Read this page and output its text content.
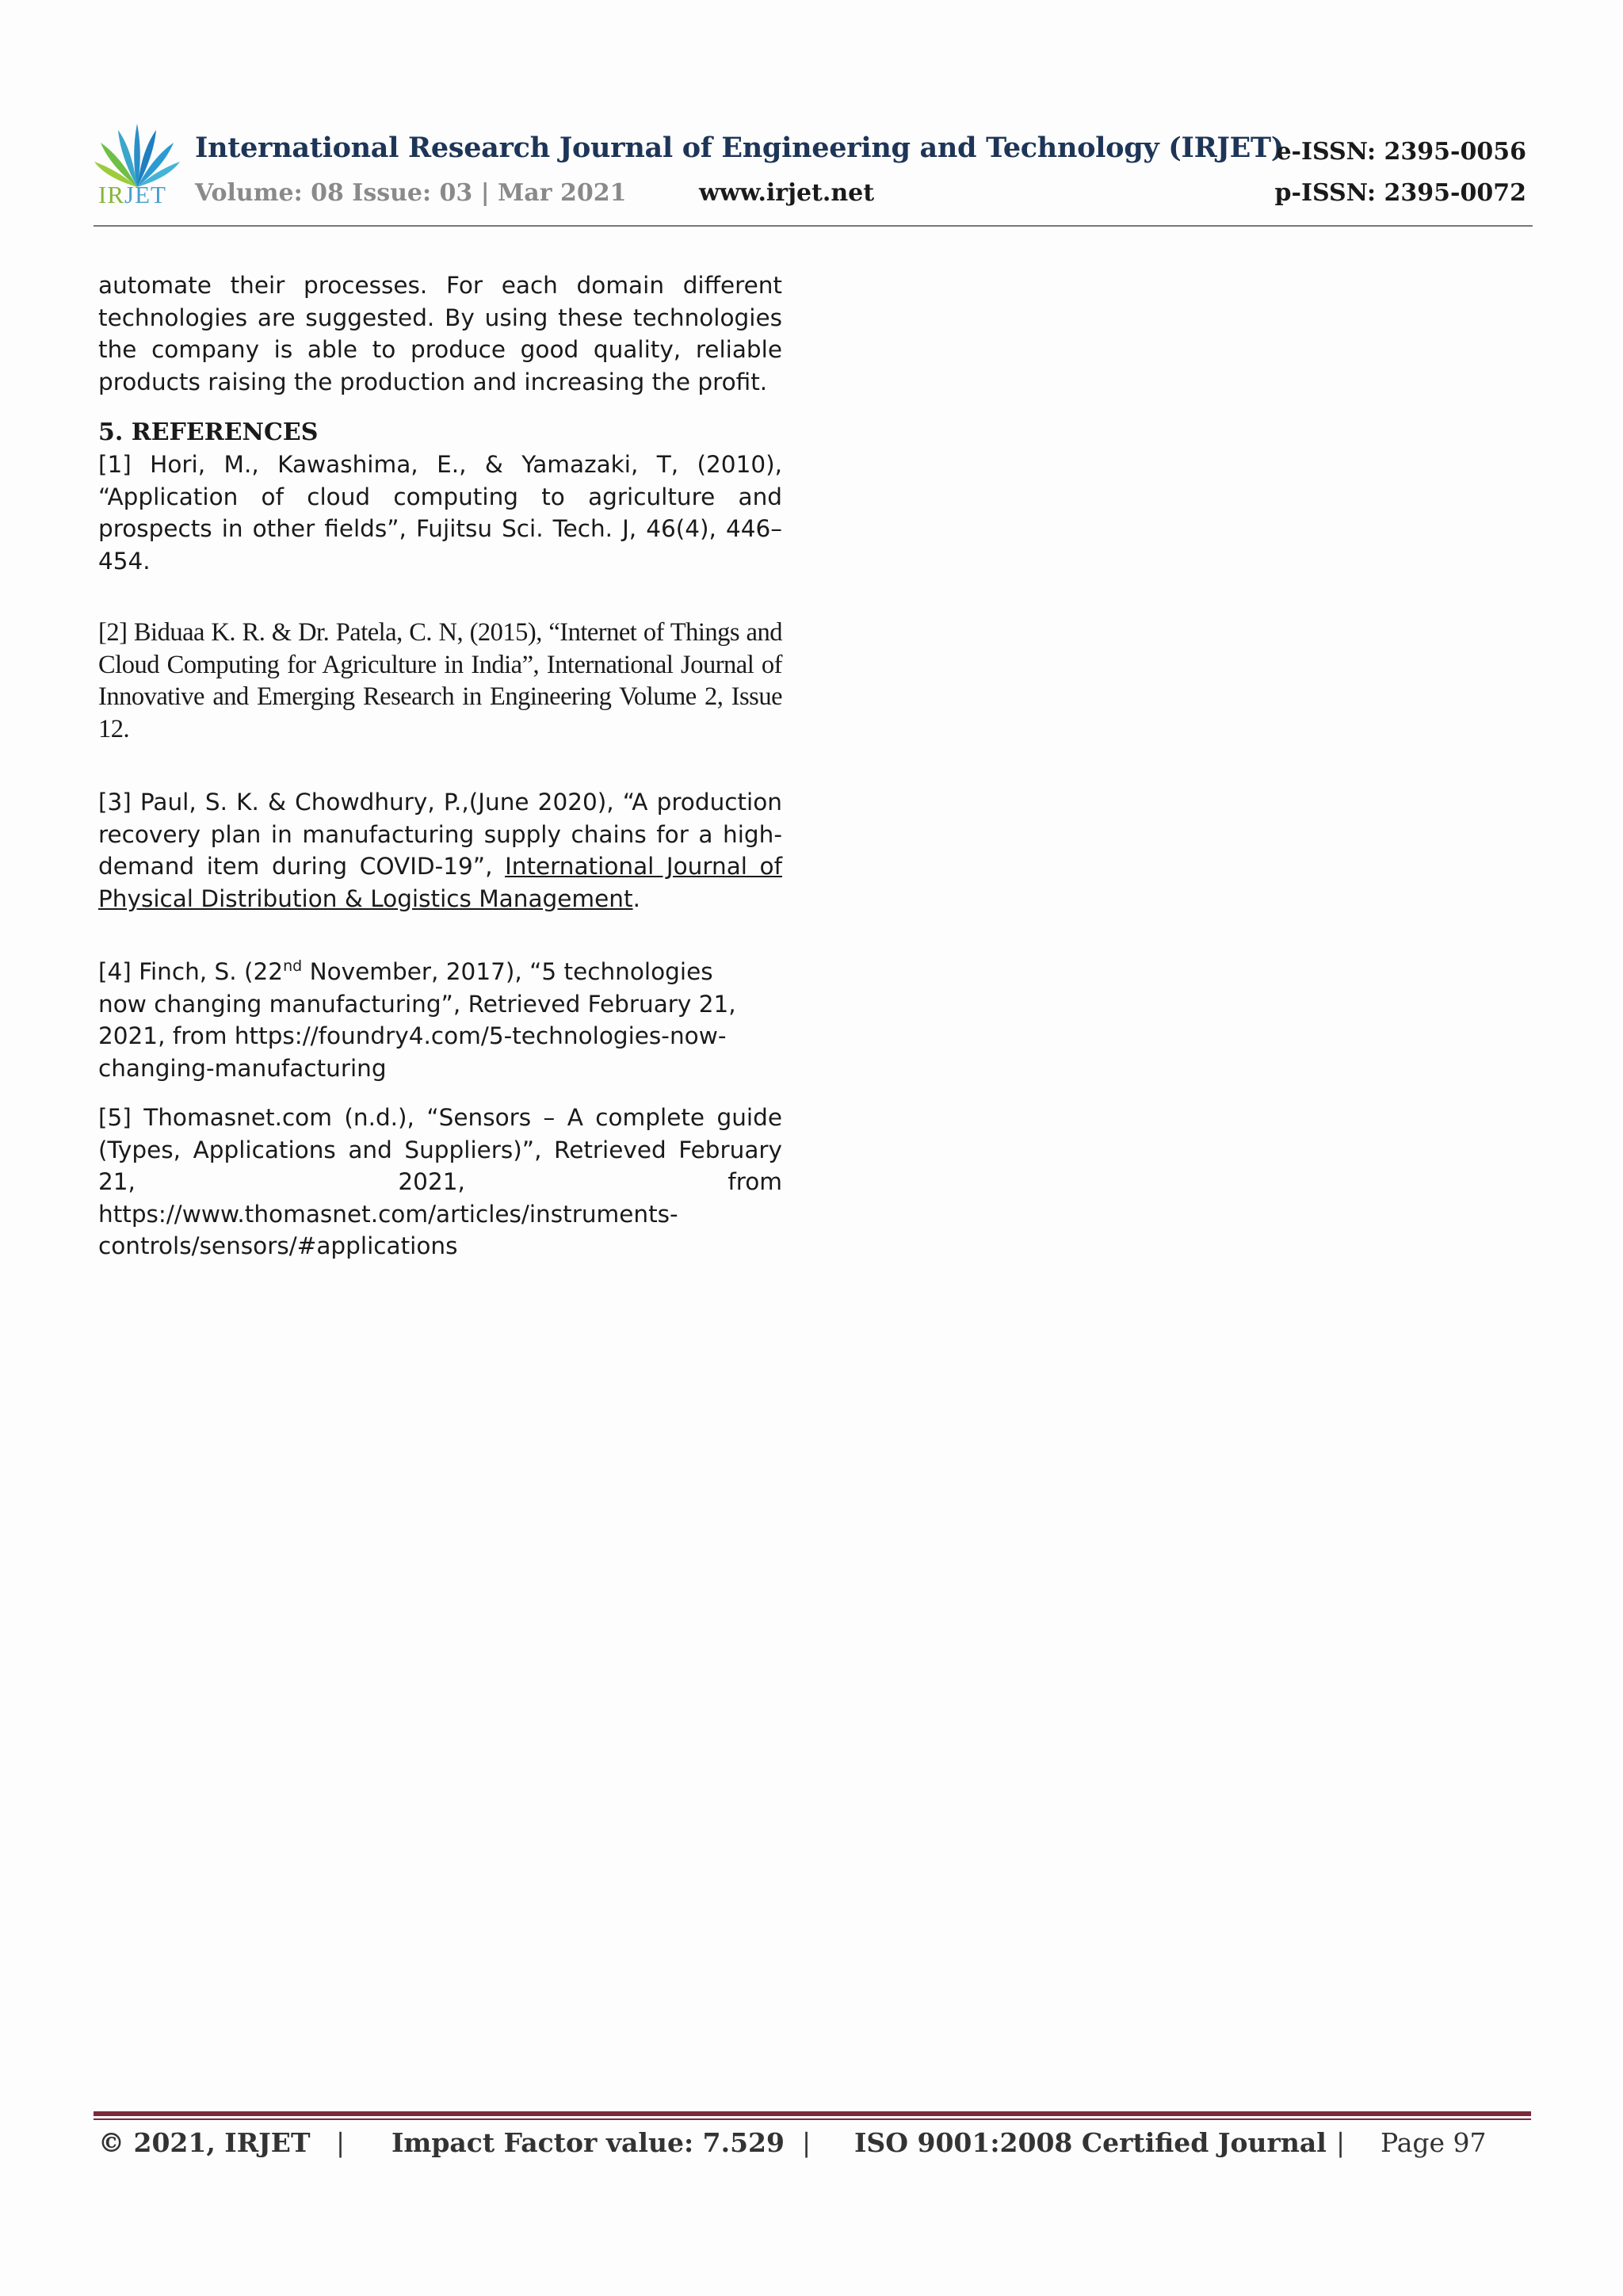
IRJET
International Research Journal of Engineering and Technology (IRJET)
Volume: 08 Issue: 03 | Mar 2021	www.irjet.net
e-ISSN: 2395-0056
p-ISSN: 2395-0072

automate their processes. For each domain different technologies are suggested. By using these technologies the company is able to produce good quality, reliable products raising the production and increasing the profit.

5. REFERENCES

[1] Hori, M., Kawashima, E., & Yamazaki, T, (2010), “Application of cloud computing to agriculture and prospects in other fields”, Fujitsu Sci. Tech. J, 46(4), 446–454.

[2] Biduaa K. R. & Dr. Patela, C. N, (2015), “Internet of Things and Cloud Computing for Agriculture in India”, International Journal of Innovative and Emerging Research in Engineering Volume 2, Issue 12.

[3] Paul, S. K. & Chowdhury, P.,(June 2020), “A production recovery plan in manufacturing supply chains for a high-demand item during COVID-19”, International Journal of Physical Distribution & Logistics Management.

[4] Finch, S. (22nd November, 2017), “5 technologies now changing manufacturing”, Retrieved February 21, 2021, from https://foundry4.com/5-technologies-now-changing-manufacturing

[5] Thomasnet.com (n.d.), “Sensors – A complete guide (Types, Applications and Suppliers)”, Retrieved February 21, 2021, from
https://www.thomasnet.com/articles/instruments-controls/sensors/#applications

© 2021, IRJET | Impact Factor value: 7.529 | ISO 9001:2008 Certified Journal | Page 97
